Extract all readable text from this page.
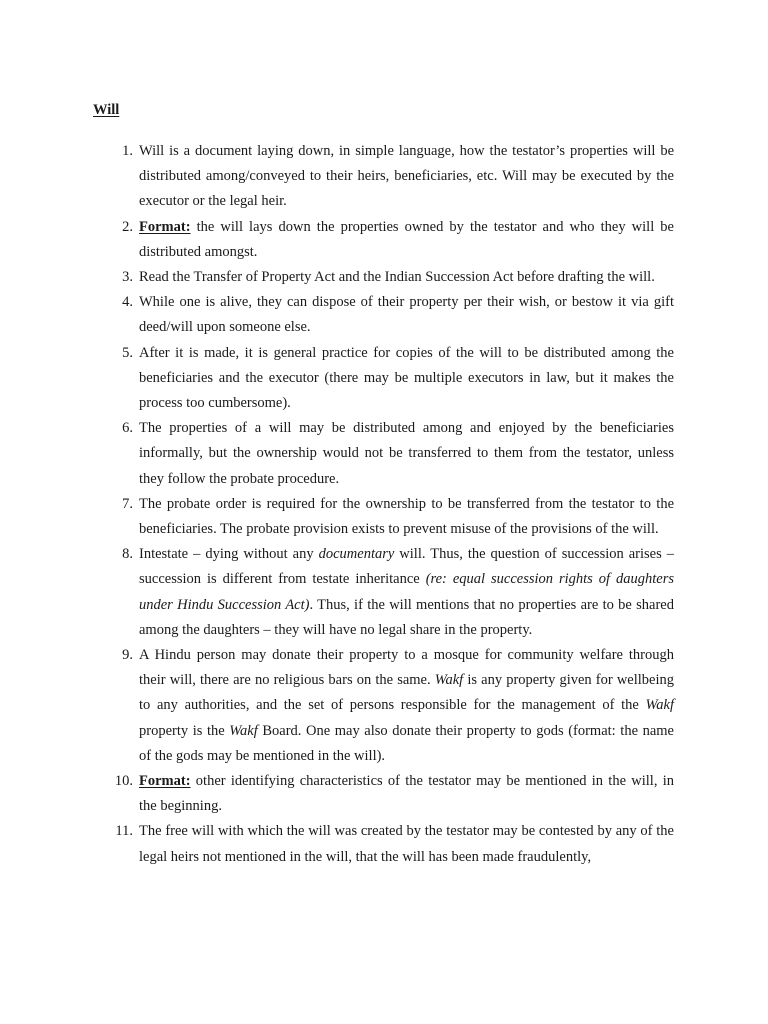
Will
1. Will is a document laying down, in simple language, how the testator’s properties will be distributed among/conveyed to their heirs, beneficiaries, etc. Will may be executed by the executor or the legal heir.
2. Format: the will lays down the properties owned by the testator and who they will be distributed amongst.
3. Read the Transfer of Property Act and the Indian Succession Act before drafting the will.
4. While one is alive, they can dispose of their property per their wish, or bestow it via gift deed/will upon someone else.
5. After it is made, it is general practice for copies of the will to be distributed among the beneficiaries and the executor (there may be multiple executors in law, but it makes the process too cumbersome).
6. The properties of a will may be distributed among and enjoyed by the beneficiaries informally, but the ownership would not be transferred to them from the testator, unless they follow the probate procedure.
7. The probate order is required for the ownership to be transferred from the testator to the beneficiaries. The probate provision exists to prevent misuse of the provisions of the will.
8. Intestate – dying without any documentary will. Thus, the question of succession arises – succession is different from testate inheritance (re: equal succession rights of daughters under Hindu Succession Act). Thus, if the will mentions that no properties are to be shared among the daughters – they will have no legal share in the property.
9. A Hindu person may donate their property to a mosque for community welfare through their will, there are no religious bars on the same. Wakf is any property given for wellbeing to any authorities, and the set of persons responsible for the management of the Wakf property is the Wakf Board. One may also donate their property to gods (format: the name of the gods may be mentioned in the will).
10. Format: other identifying characteristics of the testator may be mentioned in the will, in the beginning.
11. The free will with which the will was created by the testator may be contested by any of the legal heirs not mentioned in the will, that the will has been made fraudulently,
